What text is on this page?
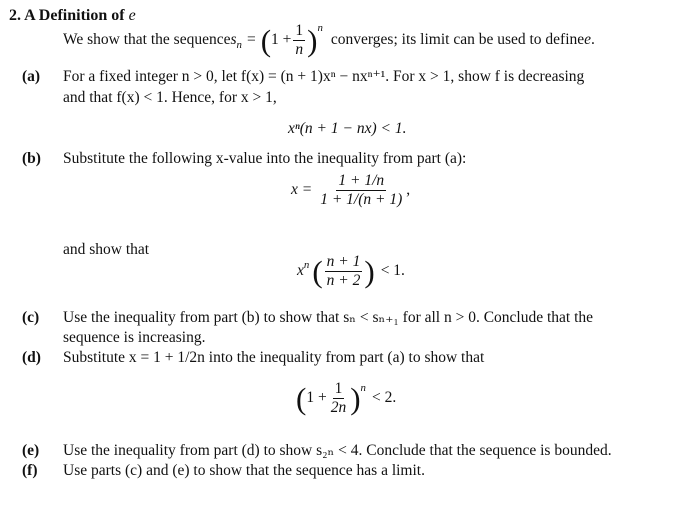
2. A Definition of e
We show that the sequence $s_n$ = ( $1 + \frac{1}{n}$ ) n
converges; its limit can be used to define e .
(a) For a fixed integer n > 0, let f(x) = (n + 1)xⁿ − nxⁿ⁺¹. For x > 1, show f is decreasing
and that f(x) < 1. Hence, for x > 1,
xⁿ(n + 1 − nx) < 1.
(b) Substitute the following x-value into the inequality from part (a):
$x = \frac{1 + 1/n}{1 + 1/(n + 1)}$ ,
and show that
x n ( $\frac{n + 1}{n + 2}$ ) < 1.
(c) Use the inequality from part (b) to show that sₙ < sₙ₊₁ for all n > 0. Conclude that the
sequence is increasing.
(d) Substitute x = 1 + 1/2n into the inequality from part (a) to show that
( $1 + \frac{1}{2n}$ ) n
< 2.
(e) Use the inequality from part (d) to show s₂ₙ < 4. Conclude that the sequence is bounded.
(f) Use parts (c) and (e) to show that the sequence has a limit.
